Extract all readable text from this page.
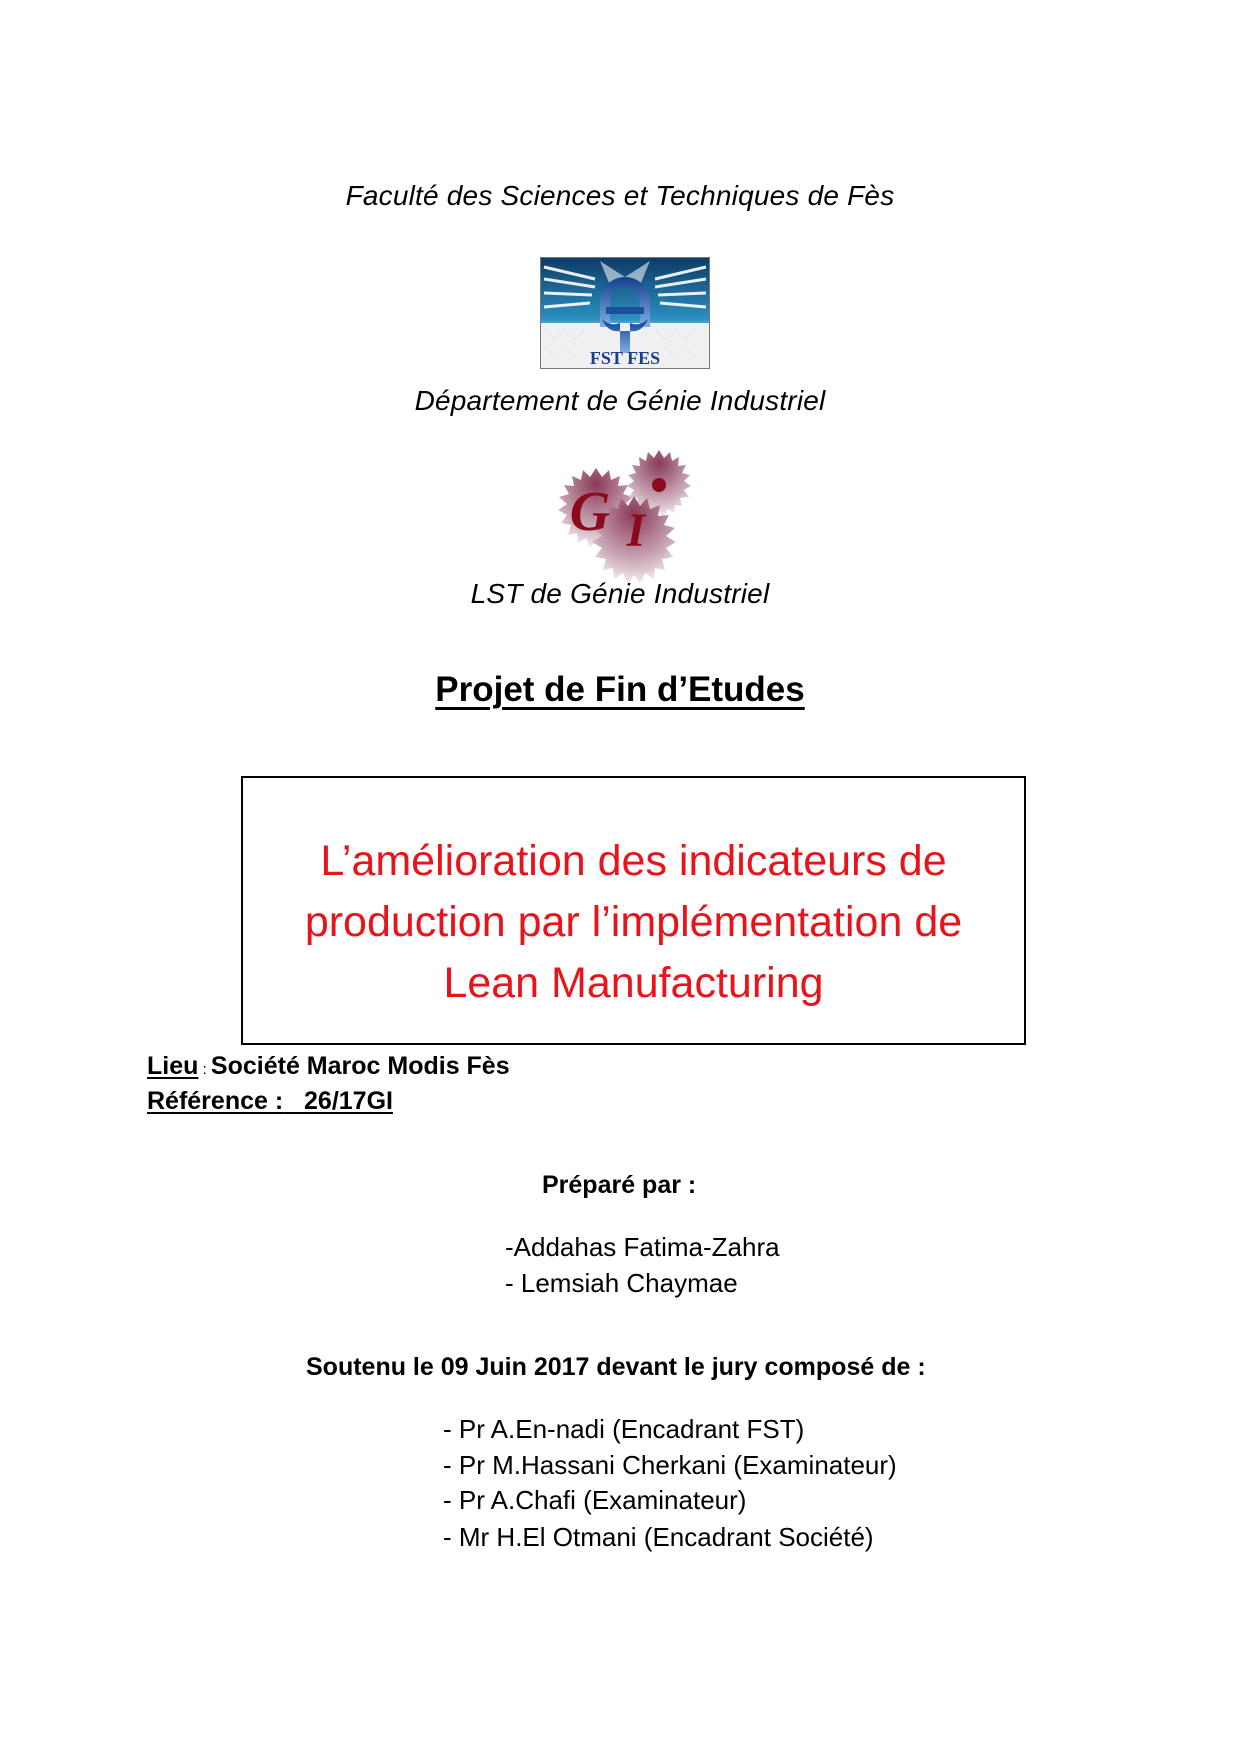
Faculté des Sciences et Techniques de Fès
FST FES
Département de Génie Industriel
G I
LST de Génie Industriel
Projet de Fin d’Etudes
L’amélioration des indicateurs de
production par l’implémentation de
Lean Manufacturing
Lieu : Société Maroc Modis Fès
Référence : 26/17GI
Préparé par :
-Addahas Fatima-Zahra
- Lemsiah Chaymae
Soutenu le 09 Juin 2017 devant le jury composé de :
- Pr A.En-nadi (Encadrant FST)
- Pr M.Hassani Cherkani (Examinateur)
- Pr A.Chafi (Examinateur)
- Mr H.El Otmani (Encadrant Société)
